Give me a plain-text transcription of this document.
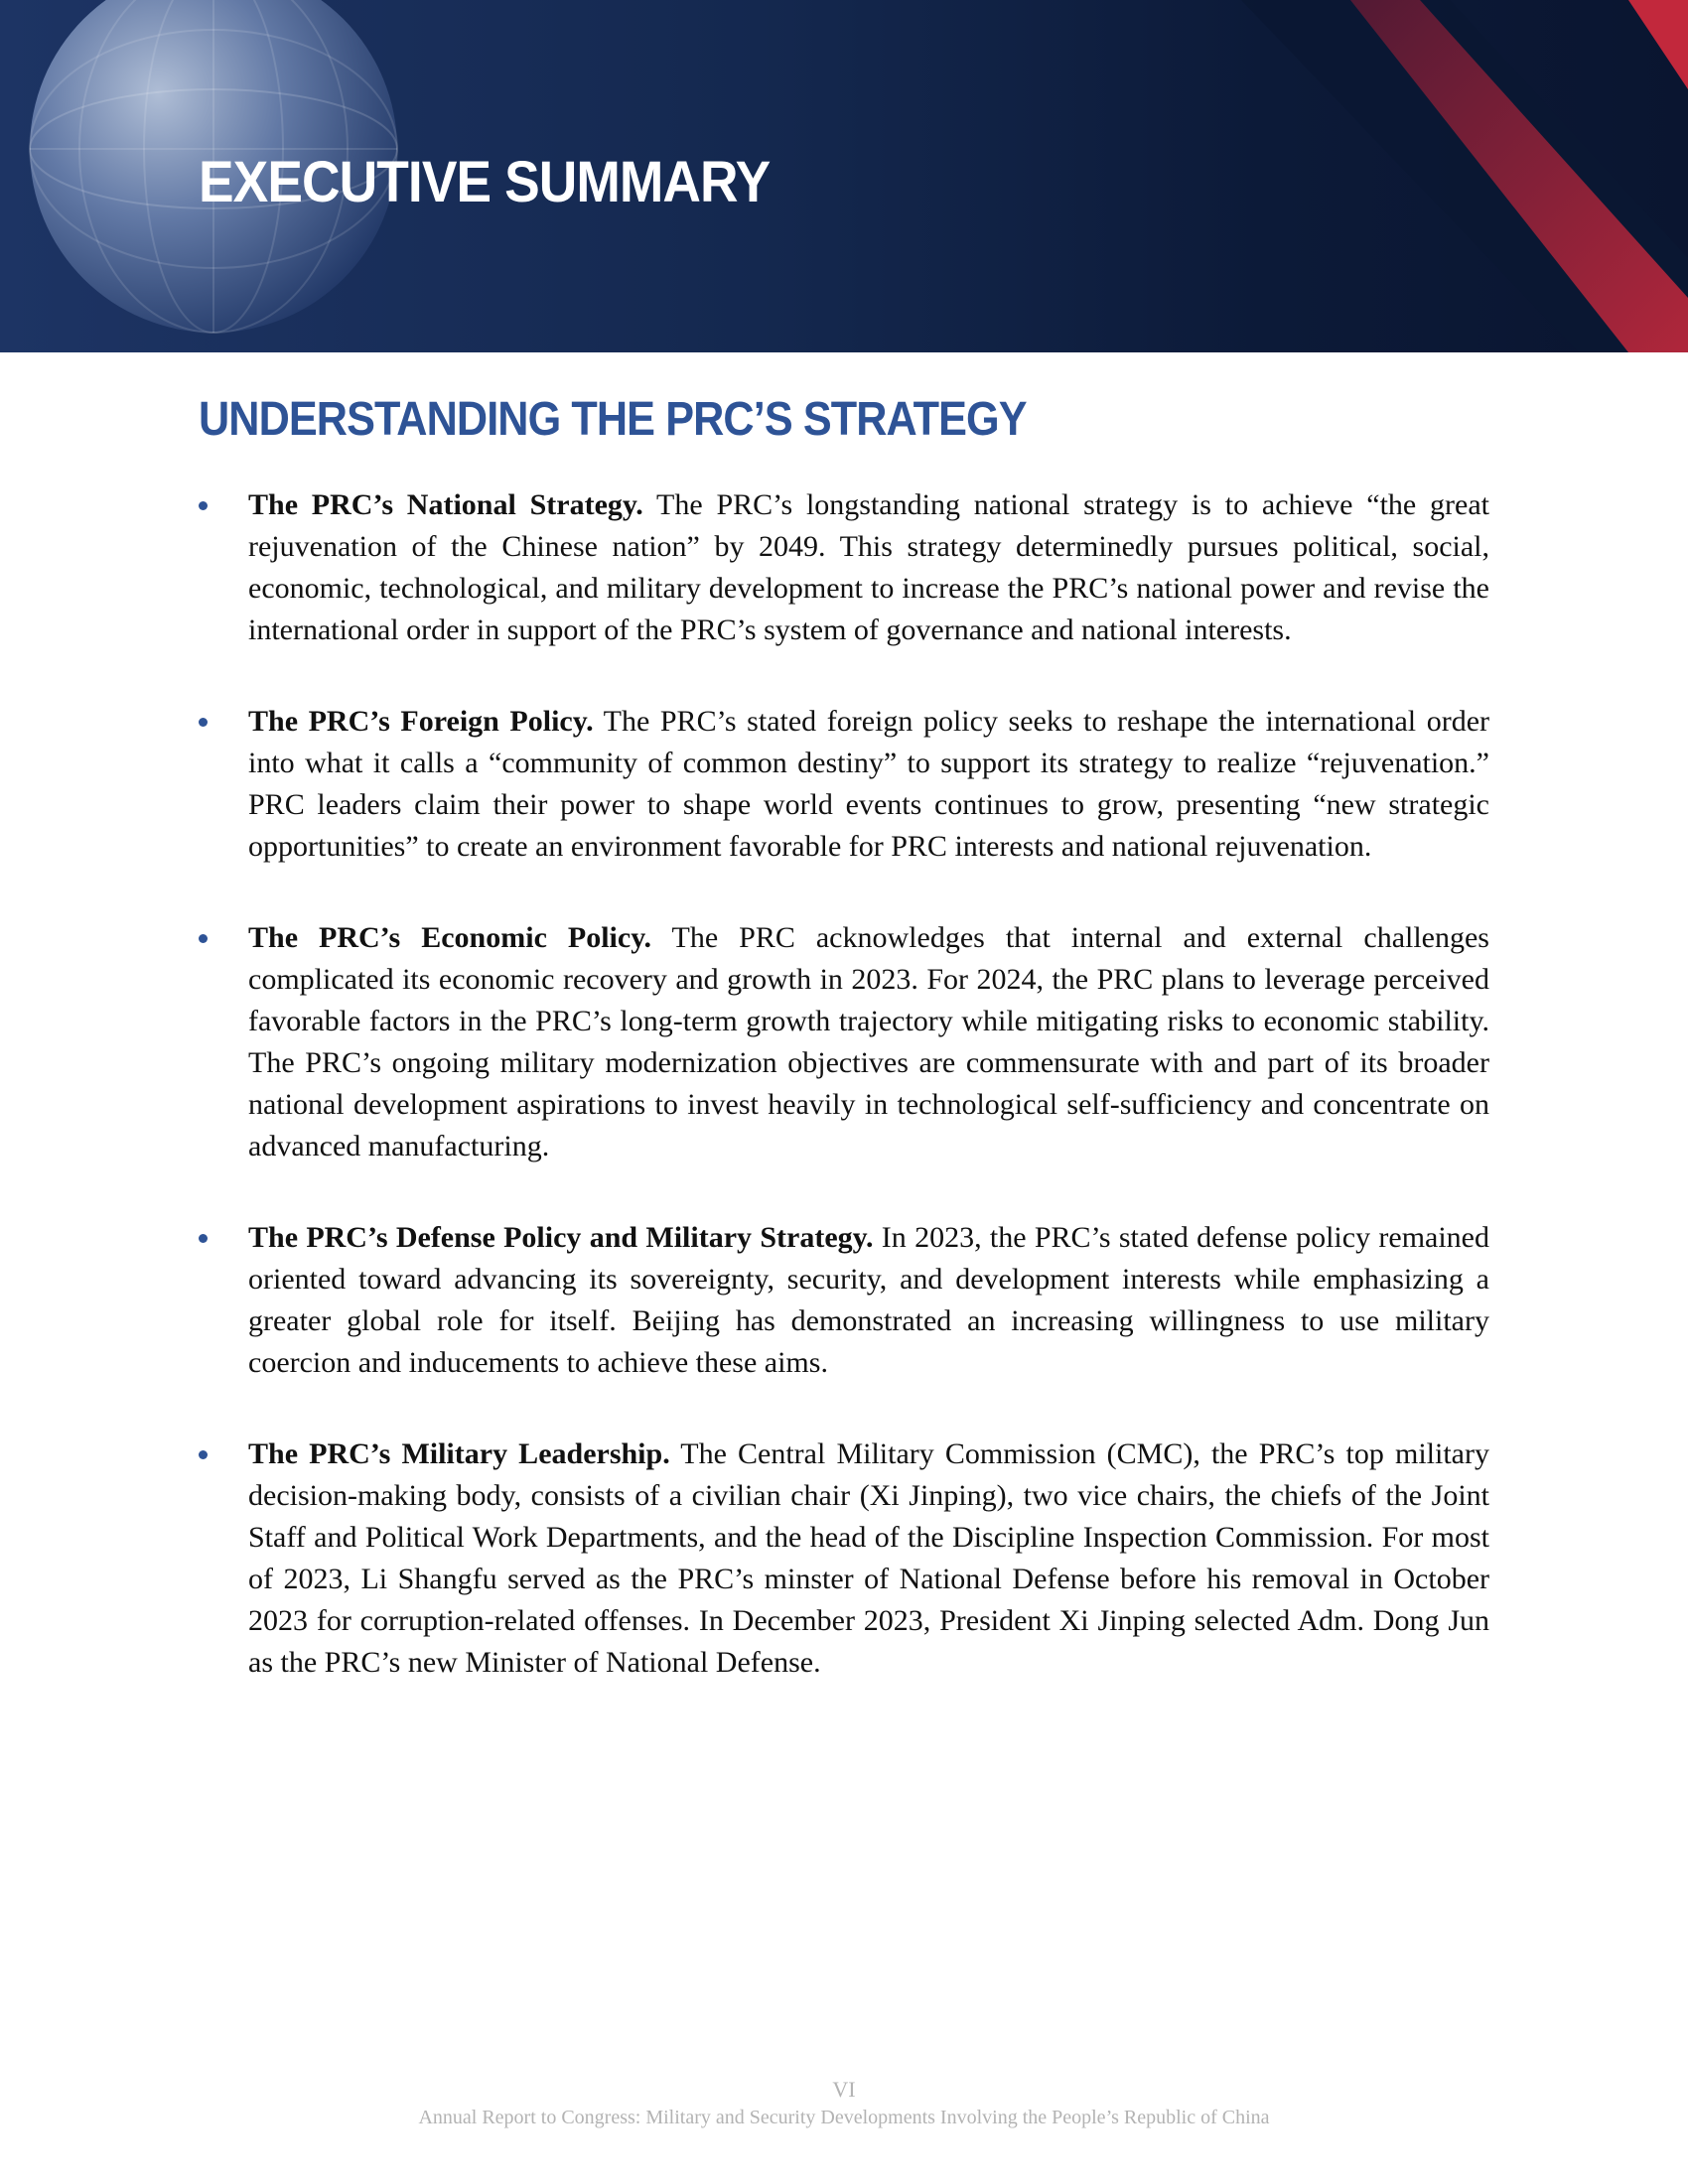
EXECUTIVE SUMMARY
UNDERSTANDING THE PRC’S STRATEGY
The PRC’s National Strategy. The PRC’s longstanding national strategy is to achieve “the great rejuvenation of the Chinese nation” by 2049. This strategy determinedly pursues political, social, economic, technological, and military development to increase the PRC’s national power and revise the international order in support of the PRC’s system of governance and national interests.
The PRC’s Foreign Policy. The PRC’s stated foreign policy seeks to reshape the international order into what it calls a “community of common destiny” to support its strategy to realize “rejuvenation.” PRC leaders claim their power to shape world events continues to grow, presenting “new strategic opportunities” to create an environment favorable for PRC interests and national rejuvenation.
The PRC’s Economic Policy. The PRC acknowledges that internal and external challenges complicated its economic recovery and growth in 2023. For 2024, the PRC plans to leverage perceived favorable factors in the PRC’s long-term growth trajectory while mitigating risks to economic stability. The PRC’s ongoing military modernization objectives are commensurate with and part of its broader national development aspirations to invest heavily in technological self-sufficiency and concentrate on advanced manufacturing.
The PRC’s Defense Policy and Military Strategy. In 2023, the PRC’s stated defense policy remained oriented toward advancing its sovereignty, security, and development interests while emphasizing a greater global role for itself. Beijing has demonstrated an increasing willingness to use military coercion and inducements to achieve these aims.
The PRC’s Military Leadership. The Central Military Commission (CMC), the PRC’s top military decision-making body, consists of a civilian chair (Xi Jinping), two vice chairs, the chiefs of the Joint Staff and Political Work Departments, and the head of the Discipline Inspection Commission. For most of 2023, Li Shangfu served as the PRC’s minster of National Defense before his removal in October 2023 for corruption-related offenses. In December 2023, President Xi Jinping selected Adm. Dong Jun as the PRC’s new Minister of National Defense.
VI
Annual Report to Congress: Military and Security Developments Involving the People’s Republic of China
